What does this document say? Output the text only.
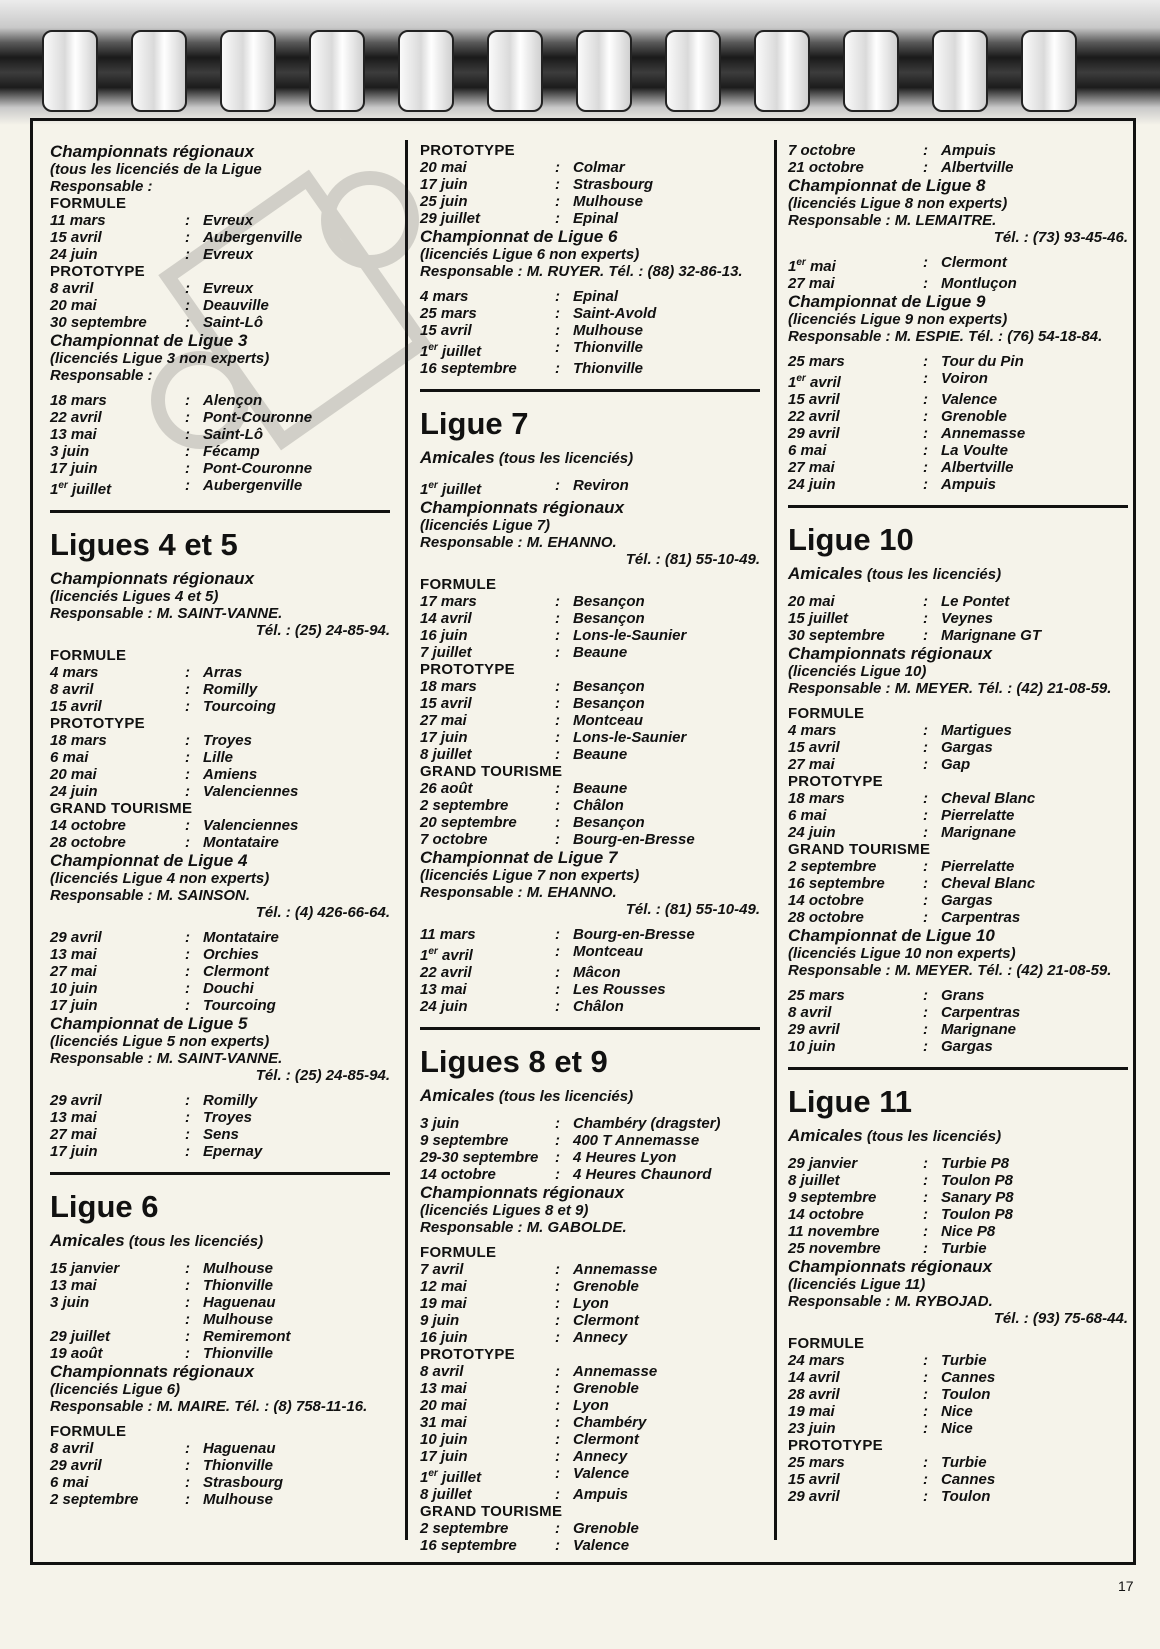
Championnats régionaux
(tous les licenciés de la Ligue
Responsable :
FORMULE
11 mars	: Evreux
15 avril	: Aubergenville
24 juin	: Evreux
PROTOTYPE
8 avril	: Evreux
20 mai	: Deauville
30 septembre	: Saint-Lô
Championnat de Ligue 3
(licenciés Ligue 3 non experts)
Responsable :
18 mars	: Alençon
22 avril	: Pont-Couronne
13 mai	: Saint-Lô
3 juin	: Fécamp
17 juin	: Pont-Couronne
1er juillet	: Aubergenville
Ligues 4 et 5
Championnats régionaux
(licenciés Ligues 4 et 5)
Responsable : M. SAINT-VANNE.
Tél. : (25) 24-85-94.
FORMULE
4 mars	: Arras
8 avril	: Romilly
15 avril	: Tourcoing
PROTOTYPE
18 mars	: Troyes
6 mai	: Lille
20 mai	: Amiens
24 juin	: Valenciennes
GRAND TOURISME
14 octobre	: Valenciennes
28 octobre	: Montataire
Championnat de Ligue 4
(licenciés Ligue 4 non experts)
Responsable : M. SAINSON.
Tél. : (4) 426-66-64.
29 avril	: Montataire
13 mai	: Orchies
27 mai	: Clermont
10 juin	: Douchi
17 juin	: Tourcoing
Championnat de Ligue 5
(licenciés Ligue 5 non experts)
Responsable : M. SAINT-VANNE.
Tél. : (25) 24-85-94.
29 avril	: Romilly
13 mai	: Troyes
27 mai	: Sens
17 juin	: Epernay
Ligue 6
Amicales (tous les licenciés)
15 janvier	: Mulhouse
13 mai	: Thionville
3 juin	: Haguenau
: Mulhouse
29 juillet	: Remiremont
19 août	: Thionville
Championnats régionaux
(licenciés Ligue 6)
Responsable : M. MAIRE. Tél. : (8) 758-11-16.
FORMULE
8 avril	: Haguenau
29 avril	: Thionville
6 mai	: Strasbourg
2 septembre	: Mulhouse
PROTOTYPE
20 mai	: Colmar
17 juin	: Strasbourg
25 juin	: Mulhouse
29 juillet	: Epinal
Championnat de Ligue 6
(licenciés Ligue 6 non experts)
Responsable : M. RUYER. Tél. : (88) 32-86-13.
4 mars	: Epinal
25 mars	: Saint-Avold
15 avril	: Mulhouse
1er juillet	: Thionville
16 septembre	: Thionville
Ligue 7
Amicales (tous les licenciés)
1er juillet	: Reviron
Championnats régionaux
(licenciés Ligue 7)
Responsable : M. EHANNO.
Tél. : (81) 55-10-49.
FORMULE
17 mars	: Besançon
14 avril	: Besançon
16 juin	: Lons-le-Saunier
7 juillet	: Beaune
PROTOTYPE
18 mars	: Besançon
15 avril	: Besançon
27 mai	: Montceau
17 juin	: Lons-le-Saunier
8 juillet	: Beaune
GRAND TOURISME
26 août	: Beaune
2 septembre	: Châlon
20 septembre	: Besançon
7 octobre	: Bourg-en-Bresse
Championnat de Ligue 7
(licenciés Ligue 7 non experts)
Responsable : M. EHANNO.
Tél. : (81) 55-10-49.
11 mars	: Bourg-en-Bresse
1er avril	: Montceau
22 avril	: Mâcon
13 mai	: Les Rousses
24 juin	: Châlon
Ligues 8 et 9
Amicales (tous les licenciés)
3 juin	: Chambéry (dragster)
9 septembre	: 400 T Annemasse
29-30 septembre	: 4 Heures Lyon
14 octobre	: 4 Heures Chaunord
Championnats régionaux
(licenciés Ligues 8 et 9)
Responsable : M. GABOLDE.
FORMULE
7 avril	: Annemasse
12 mai	: Grenoble
19 mai	: Lyon
9 juin	: Clermont
16 juin	: Annecy
PROTOTYPE
8 avril	: Annemasse
13 mai	: Grenoble
20 mai	: Lyon
31 mai	: Chambéry
10 juin	: Clermont
17 juin	: Annecy
1er juillet	: Valence
8 juillet	: Ampuis
GRAND TOURISME
2 septembre	: Grenoble
16 septembre	: Valence
7 octobre	: Ampuis
21 octobre	: Albertville
Championnat de Ligue 8
(licenciés Ligue 8 non experts)
Responsable : M. LEMAITRE.
Tél. : (73) 93-45-46.
1er mai	: Clermont
27 mai	: Montluçon
Championnat de Ligue 9
(licenciés Ligue 9 non experts)
Responsable : M. ESPIE. Tél. : (76) 54-18-84.
25 mars	: Tour du Pin
1er avril	: Voiron
15 avril	: Valence
22 avril	: Grenoble
29 avril	: Annemasse
6 mai	: La Voulte
27 mai	: Albertville
24 juin	: Ampuis
Ligue 10
Amicales (tous les licenciés)
20 mai	: Le Pontet
15 juillet	: Veynes
30 septembre	: Marignane GT
Championnats régionaux
(licenciés Ligue 10)
Responsable : M. MEYER. Tél. : (42) 21-08-59.
FORMULE
4 mars	: Martigues
15 avril	: Gargas
27 mai	: Gap
PROTOTYPE
18 mars	: Cheval Blanc
6 mai	: Pierrelatte
24 juin	: Marignane
GRAND TOURISME
2 septembre	: Pierrelatte
16 septembre	: Cheval Blanc
14 octobre	: Gargas
28 octobre	: Carpentras
Championnat de Ligue 10
(licenciés Ligue 10 non experts)
Responsable : M. MEYER. Tél. : (42) 21-08-59.
25 mars	: Grans
8 avril	: Carpentras
29 avril	: Marignane
10 juin	: Gargas
Ligue 11
Amicales (tous les licenciés)
29 janvier	: Turbie P8
8 juillet	: Toulon P8
9 septembre	: Sanary P8
14 octobre	: Toulon P8
11 novembre	: Nice P8
25 novembre	: Turbie
Championnats régionaux
(licenciés Ligue 11)
Responsable : M. RYBOJAD.
Tél. : (93) 75-68-44.
FORMULE
24 mars	: Turbie
14 avril	: Cannes
28 avril	: Toulon
19 mai	: Nice
23 juin	: Nice
PROTOTYPE
25 mars	: Turbie
15 avril	: Cannes
29 avril	: Toulon
17
